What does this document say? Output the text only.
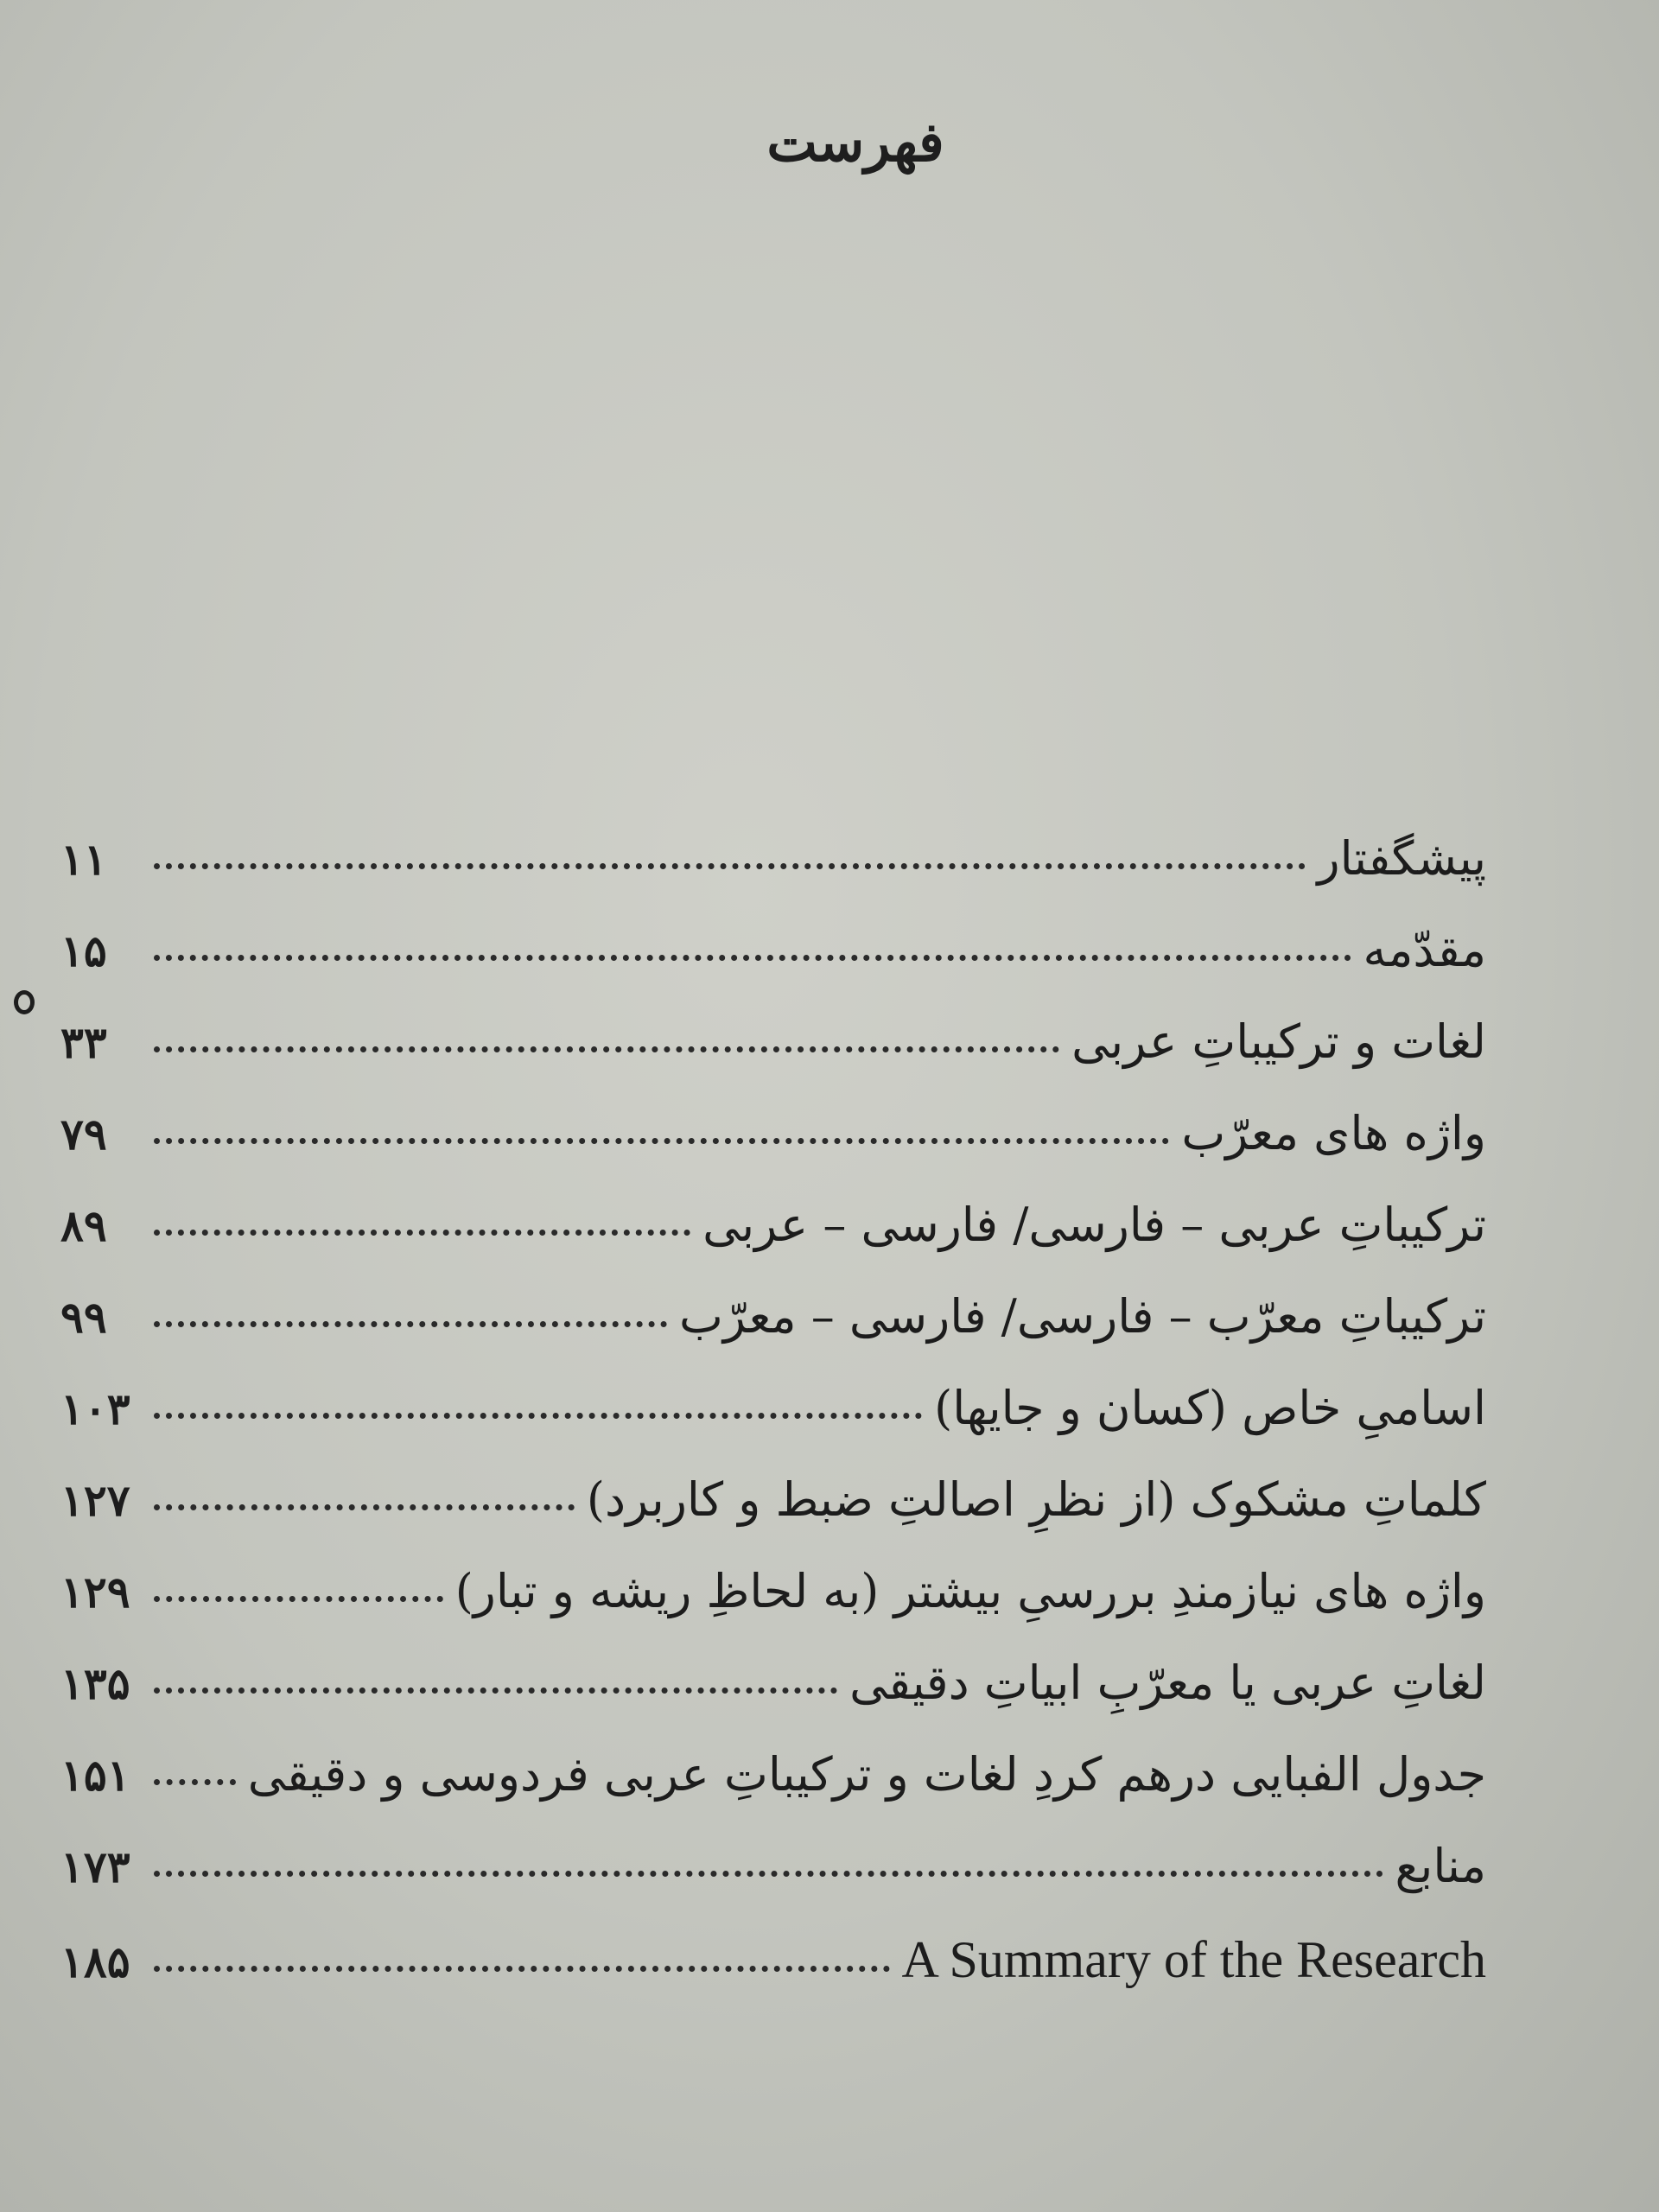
فهرست
پیشگفتار
۱۱
مقدّمه
۱۵
لغات و ترکیباتِ عربی
۳۳
واژه های معرّب
۷۹
ترکیباتِ عربی – فارسی/ فارسی – عربی
۸۹
ترکیباتِ معرّب – فارسی/ فارسی – معرّب
۹۹
اسامیِ خاص (کسان و جایها)
۱۰۳
کلماتِ مشکوک (از نظرِ اصالتِ ضبط و کاربرد)
۱۲۷
واژه های نیازمندِ بررسیِ بیشتر (به لحاظِ ریشه و تبار)
۱۲۹
لغاتِ عربی یا معرّبِ ابیاتِ دقیقی
۱۳۵
جدول الفبایی درهم کردِ لغات و ترکیباتِ عربی فردوسی و دقیقی
۱۵۱
منابع
۱۷۳
A Summary of the Research
۱۸۵
